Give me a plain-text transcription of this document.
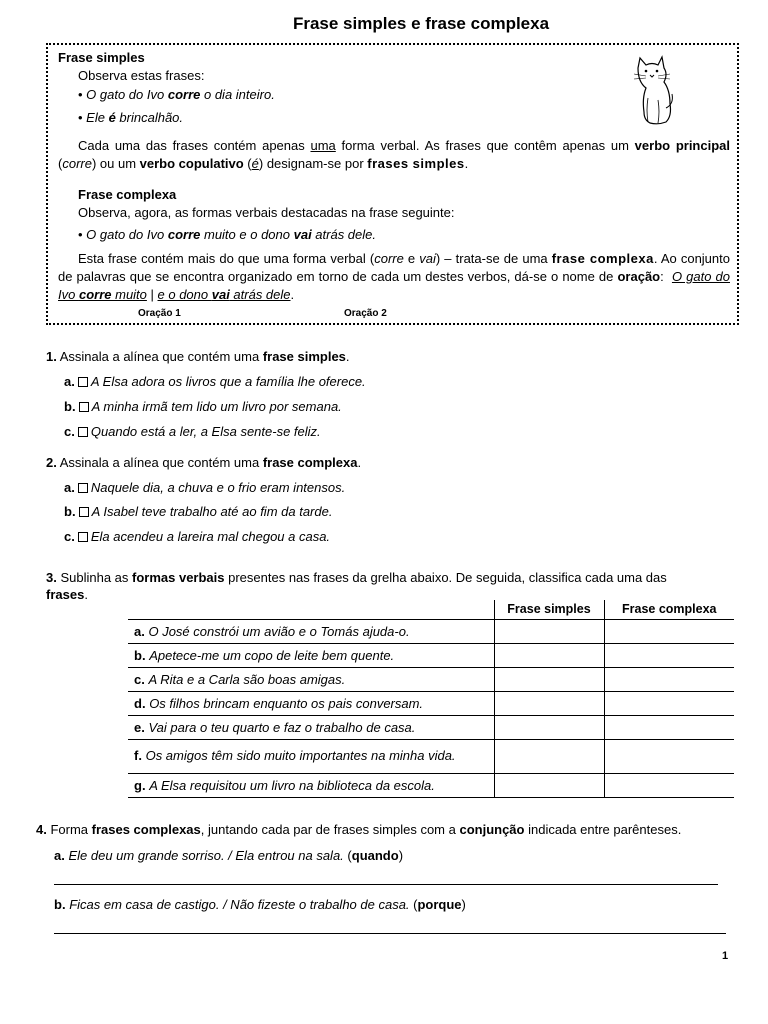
Frase simples e frase complexa
Frase simples
Observa estas frases:
• O gato do Ivo corre o dia inteiro.
• Ele é brincalhão.
Cada uma das frases contém apenas uma forma verbal. As frases que contêm apenas um verbo principal (corre) ou um verbo copulativo (é) designam-se por frases simples.
Frase complexa
Observa, agora, as formas verbais destacadas na frase seguinte:
• O gato do Ivo corre muito e o dono vai atrás dele.
Esta frase contém mais do que uma forma verbal (corre e vai) – trata-se de uma frase complexa. Ao conjunto de palavras que se encontra organizado em torno de cada um destes verbos, dá-se o nome de oração: O gato do Ivo corre muito | e o dono vai atrás dele.
Oração 1	Oração 2
1. Assinala a alínea que contém uma frase simples.
a. A Elsa adora os livros que a família lhe oferece.
b. A minha irmã tem lido um livro por semana.
c. Quando está a ler, a Elsa sente-se feliz.
2. Assinala a alínea que contém uma frase complexa.
a. Naquele dia, a chuva e o frio eram intensos.
b. A Isabel teve trabalho até ao fim da tarde.
c. Ela acendeu a lareira mal chegou a casa.
3. Sublinha as formas verbais presentes nas frases da grelha abaixo. De seguida, classifica cada uma das
frases.
	Frase simples	Frase complexa
a. O José constrói um avião e o Tomás ajuda-o.		
b. Apetece-me um copo de leite bem quente.		
c. A Rita e a Carla são boas amigas.		
d. Os filhos brincam enquanto os pais conversam.		
e. Vai para o teu quarto e faz o trabalho de casa.		
f. Os amigos têm sido muito importantes na minha vida.		
g. A Elsa requisitou um livro na biblioteca da escola.		
4. Forma frases complexas, juntando cada par de frases simples com a conjunção indicada entre parênteses.
a. Ele deu um grande sorriso. / Ela entrou na sala. (quando)
b. Ficas em casa de castigo. / Não fizeste o trabalho de casa. (porque)
1
